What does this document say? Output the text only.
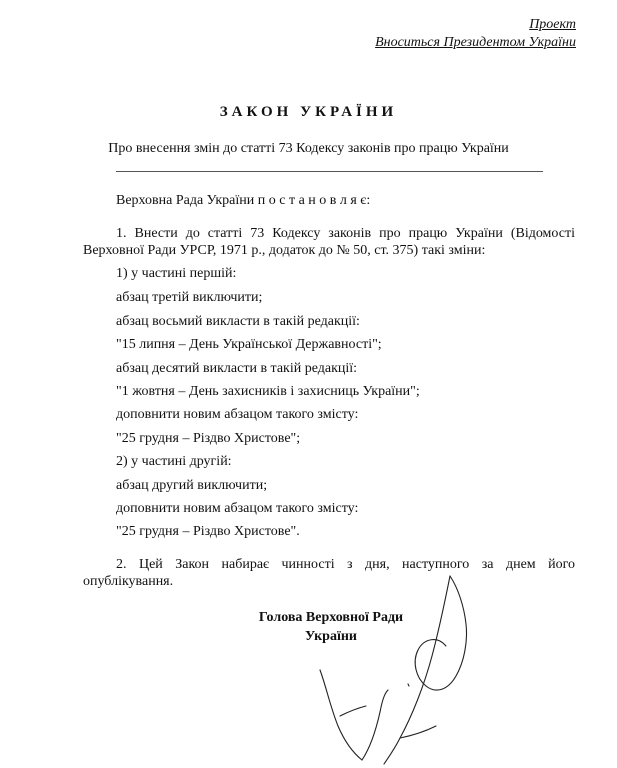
Проект
Вноситься Президентом України
ЗАКОН УКРАЇНИ
Про внесення змін до статті 73 Кодексу законів про працю України
Верховна Рада України п о с т а н о в л я є:
1. Внести до статті 73 Кодексу законів про працю України (Відомості
Верховної Ради УРСР, 1971 р., додаток до № 50, ст. 375) такі зміни:
1) у частині першій:
абзац третій виключити;
абзац восьмий викласти в такій редакції:
"15 липня – День Української Державності";
абзац десятий викласти в такій редакції:
"1 жовтня – День захисників і захисниць України";
доповнити новим абзацом такого змісту:
"25 грудня – Різдво Христове";
2) у частині другій:
абзац другий виключити;
доповнити новим абзацом такого змісту:
"25 грудня – Різдво Христове".
2. Цей Закон набирає чинності з дня, наступного за днем його
опублікування.
Голова Верховної Ради
України
